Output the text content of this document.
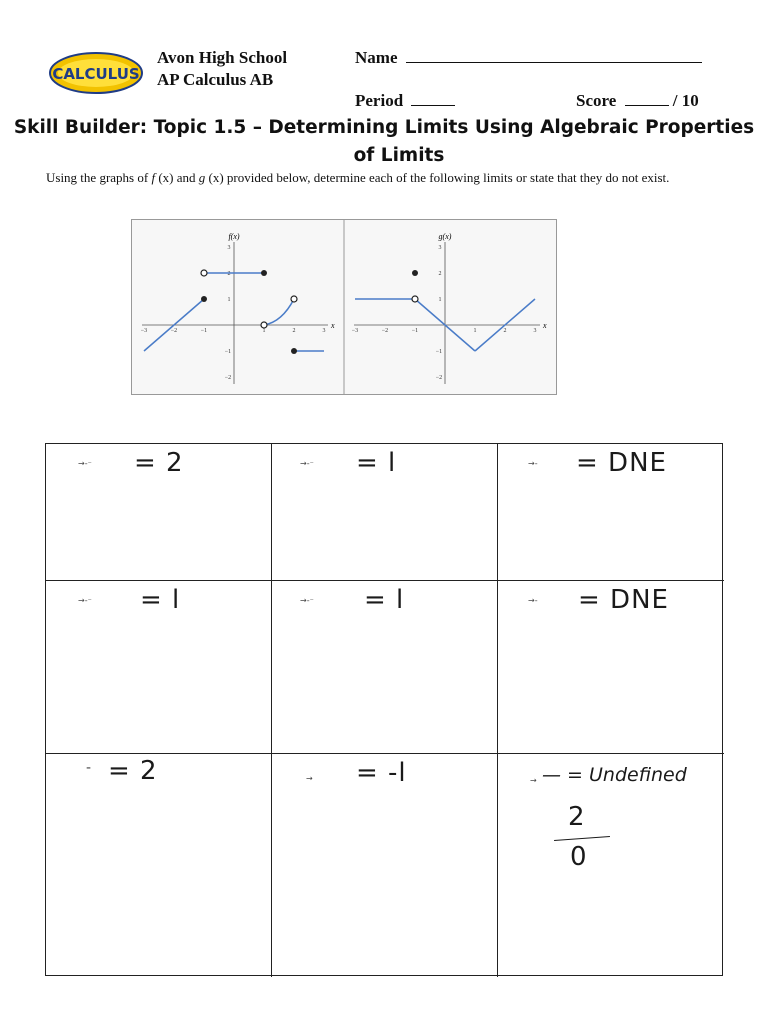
CALCULUS
Avon High School
AP Calculus AB
Name
Period	Score	/ 10
Skill Builder: Topic 1.5 – Determining Limits Using Algebraic Properties
of Limits
Using the graphs of f (x) and g (x) provided below, determine each of the following limits or state that they do not exist.
f(x)
x
−3	−2	−1	1	2	3
3
2
1
−1
−2
g(x)
x
−3	−2	−1	1	2	3
3
2
1
−1
−2
→-⁻ = 2	→-⁻ = l	→- = DNE
→-⁻ = l	→-⁻ = l	→- = DNE
- = 2	→ = -l	→ — = Undefined
2
0
